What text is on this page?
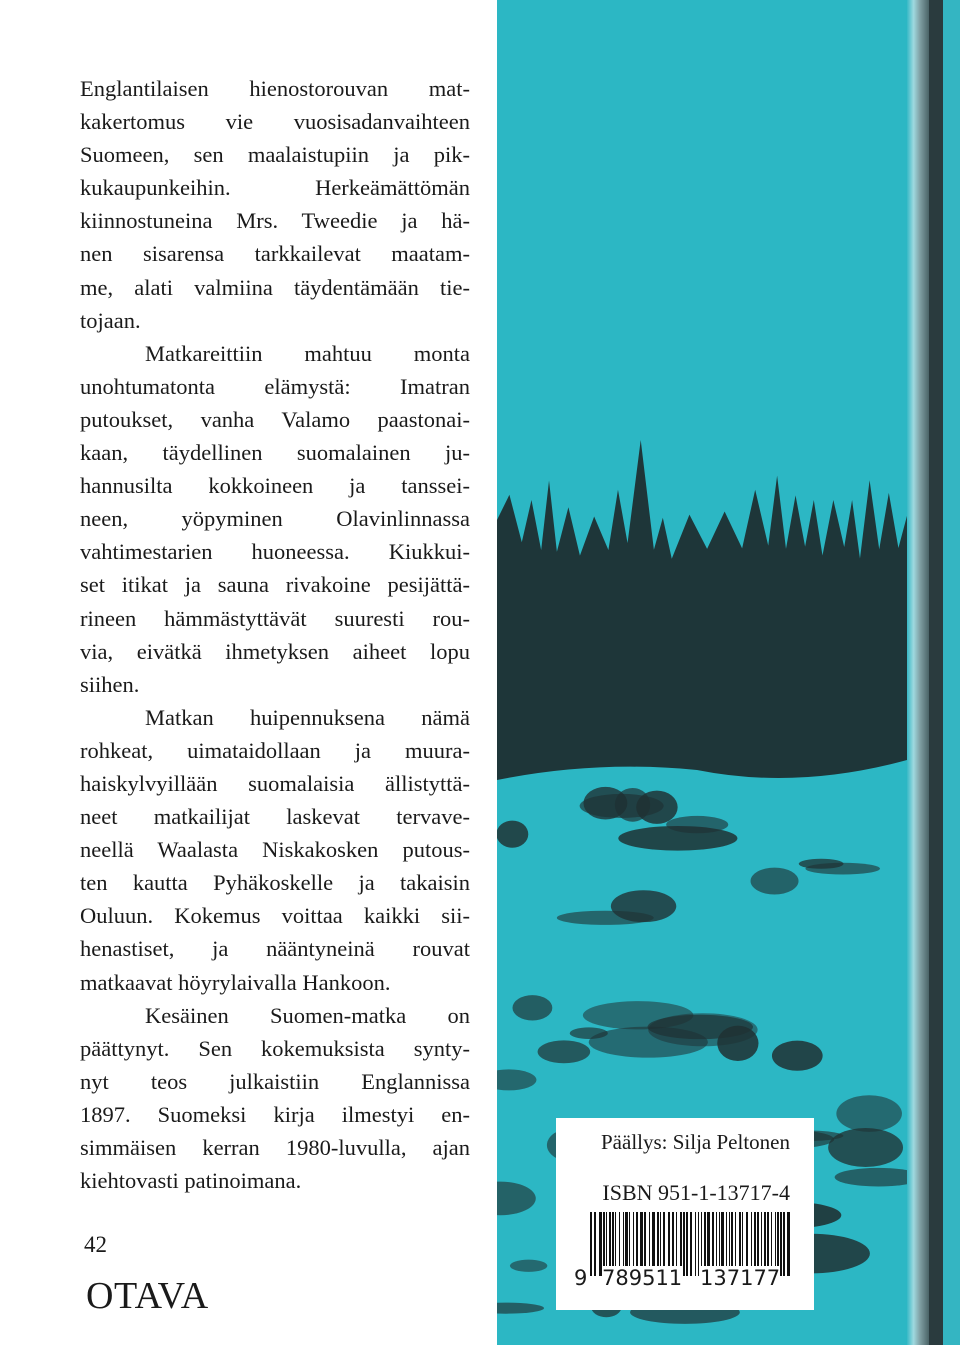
Englantilaisen hienostorouvan mat-
kakertomus vie vuosisadanvaihteen
Suomeen, sen maalaistupiin ja pik-
kukaupunkeihin. Herkeämättömän
kiinnostuneina Mrs. Tweedie ja hä-
nen sisarensa tarkkailevat maatam-
me, alati valmiina täydentämään tie-
tojaan.
Matkareittiin mahtuu monta
unohtumatonta elämystä: Imatran
putoukset, vanha Valamo paastonai-
kaan, täydellinen suomalainen ju-
hannusilta kokkoineen ja tanssei-
neen, yöpyminen Olavinlinnassa
vahtimestarien huoneessa. Kiukkui-
set itikat ja sauna rivakoine pesijättä-
rineen hämmästyttävät suuresti rou-
via, eivätkä ihmetyksen aiheet lopu
siihen.
Matkan huipennuksena nämä
rohkeat, uimataidollaan ja muura-
haiskylvyillään suomalaisia ällistyttä-
neet matkailijat laskevat tervave-
neellä Waalasta Niskakosken putous-
ten kautta Pyhäkoskelle ja takaisin
Ouluun. Kokemus voittaa kaikki sii-
henastiset, ja nääntyneinä rouvat
matkaavat höyrylaivalla Hankoon.
Kesäinen Suomen-matka on
päättynyt. Sen kokemuksista synty-
nyt teos julkaistiin Englannissa
1897. Suomeksi kirja ilmestyi en-
simmäisen kerran 1980-luvulla, ajan
kiehtovasti patinoimana.
42
OTAVA
Päällys: Silja Peltonen
ISBN 951-1-13717-4
9 789511 137177
